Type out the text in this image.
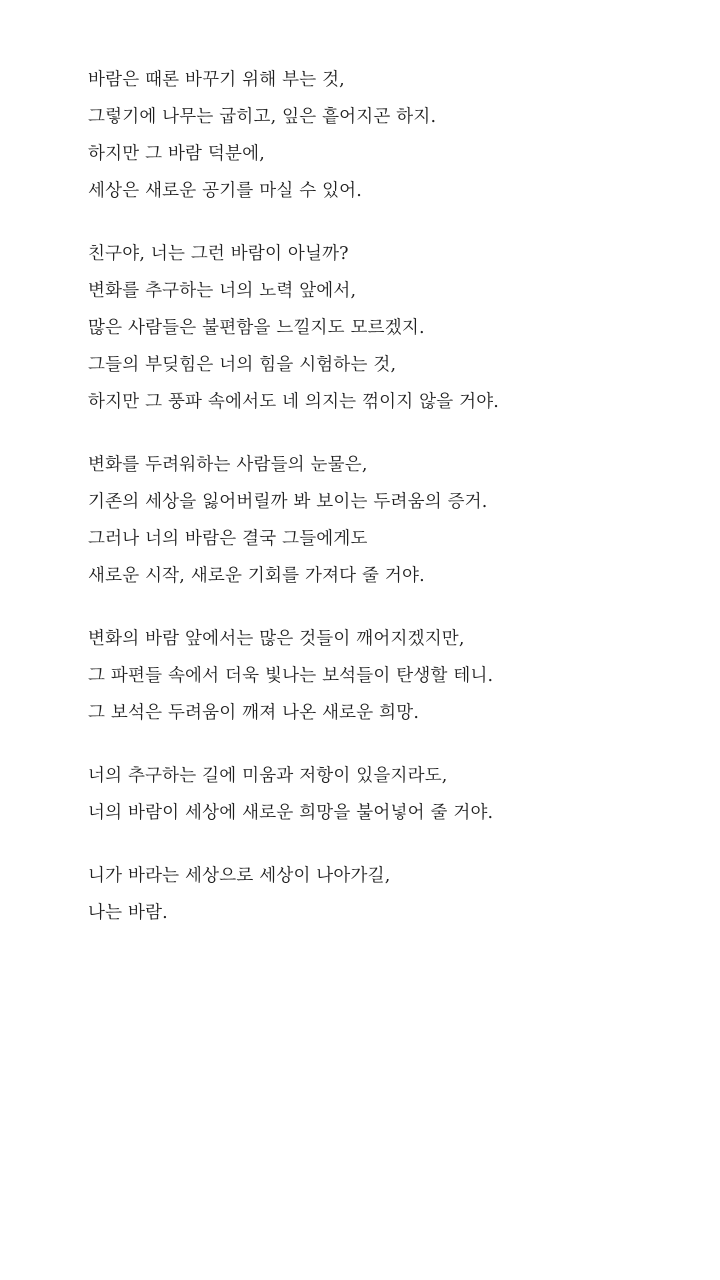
바람은 때론 바꾸기 위해 부는 것,
그렇기에 나무는 굽히고, 잎은 흩어지곤 하지.
하지만 그 바람 덕분에,
세상은 새로운 공기를 마실 수 있어.
친구야, 너는 그런 바람이 아닐까?
변화를 추구하는 너의 노력 앞에서,
많은 사람들은 불편함을 느낄지도 모르겠지.
그들의 부딪힘은 너의 힘을 시험하는 것,
하지만 그 풍파 속에서도 네 의지는 꺾이지 않을 거야.
변화를 두려워하는 사람들의 눈물은,
기존의 세상을 잃어버릴까 봐 보이는 두려움의 증거.
그러나 너의 바람은 결국 그들에게도
새로운 시작, 새로운 기회를 가져다 줄 거야.
변화의 바람 앞에서는 많은 것들이 깨어지겠지만,
그 파편들 속에서 더욱 빛나는 보석들이 탄생할 테니.
그 보석은 두려움이 깨져 나온 새로운 희망.
너의 추구하는 길에 미움과 저항이 있을지라도,
너의 바람이 세상에 새로운 희망을 불어넣어 줄 거야.
니가 바라는 세상으로 세상이 나아가길,
나는 바람.
